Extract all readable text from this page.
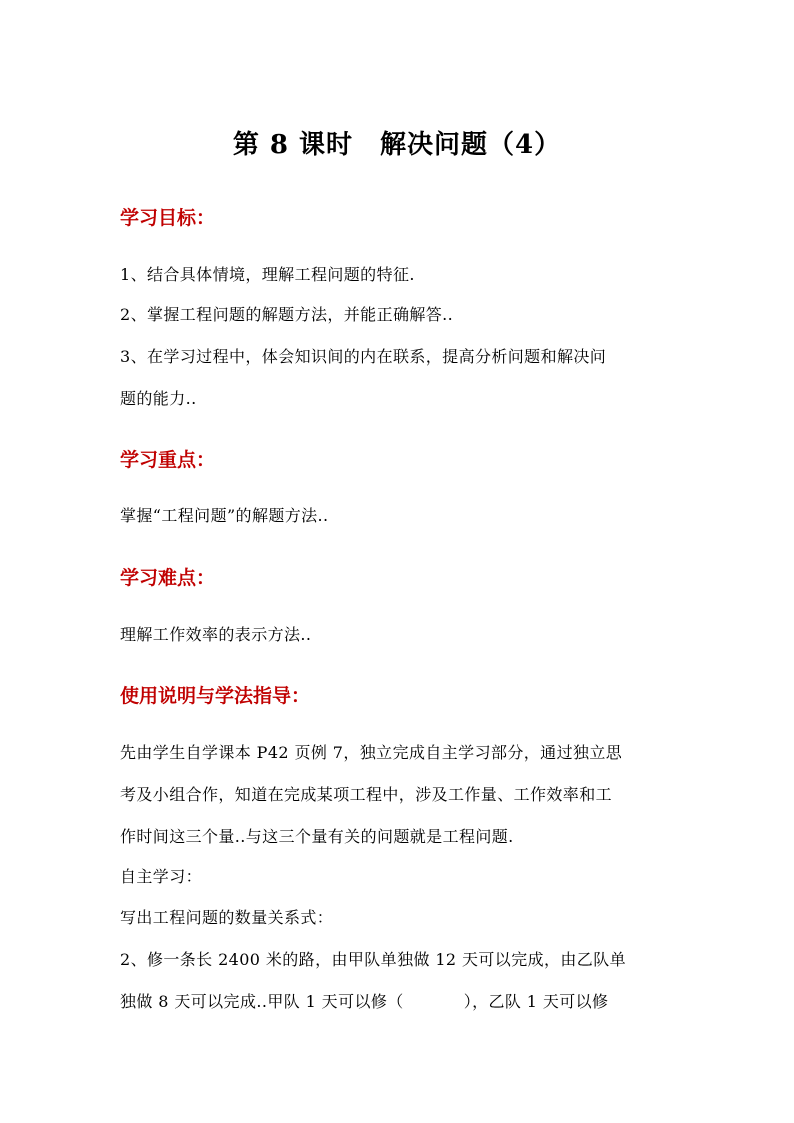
第 8 课时　解决问题（4）
学习目标：
1、结合具体情境，理解工程问题的特征.
2、掌握工程问题的解题方法，并能正确解答..
3、在学习过程中，体会知识间的内在联系，提高分析问题和解决问
题的能力..
学习重点：
掌握“工程问题”的解题方法..
学习难点：
理解工作效率的表示方法..
使用说明与学法指导：
先由学生自学课本 P42 页例 7，独立完成自主学习部分，通过独立思
考及小组合作，知道在完成某项工程中，涉及工作量、工作效率和工
作时间这三个量..与这三个量有关的问题就是工程问题.
自主学习：
写出工程问题的数量关系式：
2、修一条长 2400 米的路，由甲队单独做 12 天可以完成，由乙队单
独做 8 天可以完成..甲队 1 天可以修（	），乙队 1 天可以修
